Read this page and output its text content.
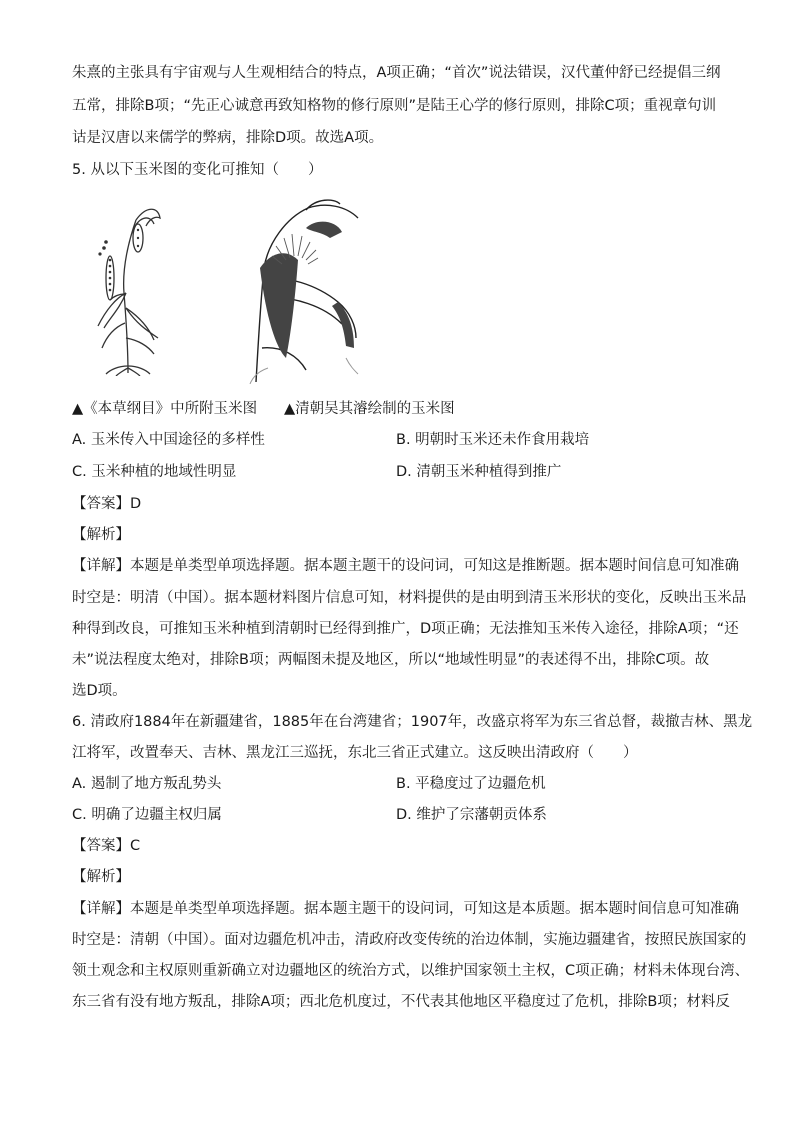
朱熹的主张具有宇宙观与人生观相结合的特点，A项正确；“首次”说法错误，汉代董仲舒已经提倡三纲
五常，排除B项；“先正心诚意再致知格物的修行原则”是陆王心学的修行原则，排除C项；重视章句训
诂是汉唐以来儒学的弊病，排除D项。故选A项。
5. 从以下玉米图的变化可推知（　　）
▲《本草纲目》中所附玉米图 ▲清朝吴其濬绘制的玉米图
A. 玉米传入中国途径的多样性	B. 明朝时玉米还未作食用栽培
C. 玉米种植的地域性明显	D. 清朝玉米种植得到推广
【答案】D
【解析】
【详解】本题是单类型单项选择题。据本题主题干的设问词，可知这是推断题。据本题时间信息可知准确
时空是：明清（中国）。据本题材料图片信息可知，材料提供的是由明到清玉米形状的变化，反映出玉米品
种得到改良，可推知玉米种植到清朝时已经得到推广，D项正确；无法推知玉米传入途径，排除A项；“还
未”说法程度太绝对，排除B项；两幅图未提及地区，所以“地域性明显”的表述得不出，排除C项。故
选D项。
6. 清政府1884年在新疆建省，1885年在台湾建省；1907年，改盛京将军为东三省总督，裁撤吉林、黑龙
江将军，改置奉天、吉林、黑龙江三巡抚，东北三省正式建立。这反映出清政府（　　）
A. 遏制了地方叛乱势头	B. 平稳度过了边疆危机
C. 明确了边疆主权归属	D. 维护了宗藩朝贡体系
【答案】C
【解析】
【详解】本题是单类型单项选择题。据本题主题干的设问词，可知这是本质题。据本题时间信息可知准确
时空是：清朝（中国）。面对边疆危机冲击，清政府改变传统的治边体制，实施边疆建省，按照民族国家的
领土观念和主权原则重新确立对边疆地区的统治方式，以维护国家领土主权，C项正确；材料未体现台湾、
东三省有没有地方叛乱，排除A项；西北危机度过，不代表其他地区平稳度过了危机，排除B项；材料反
